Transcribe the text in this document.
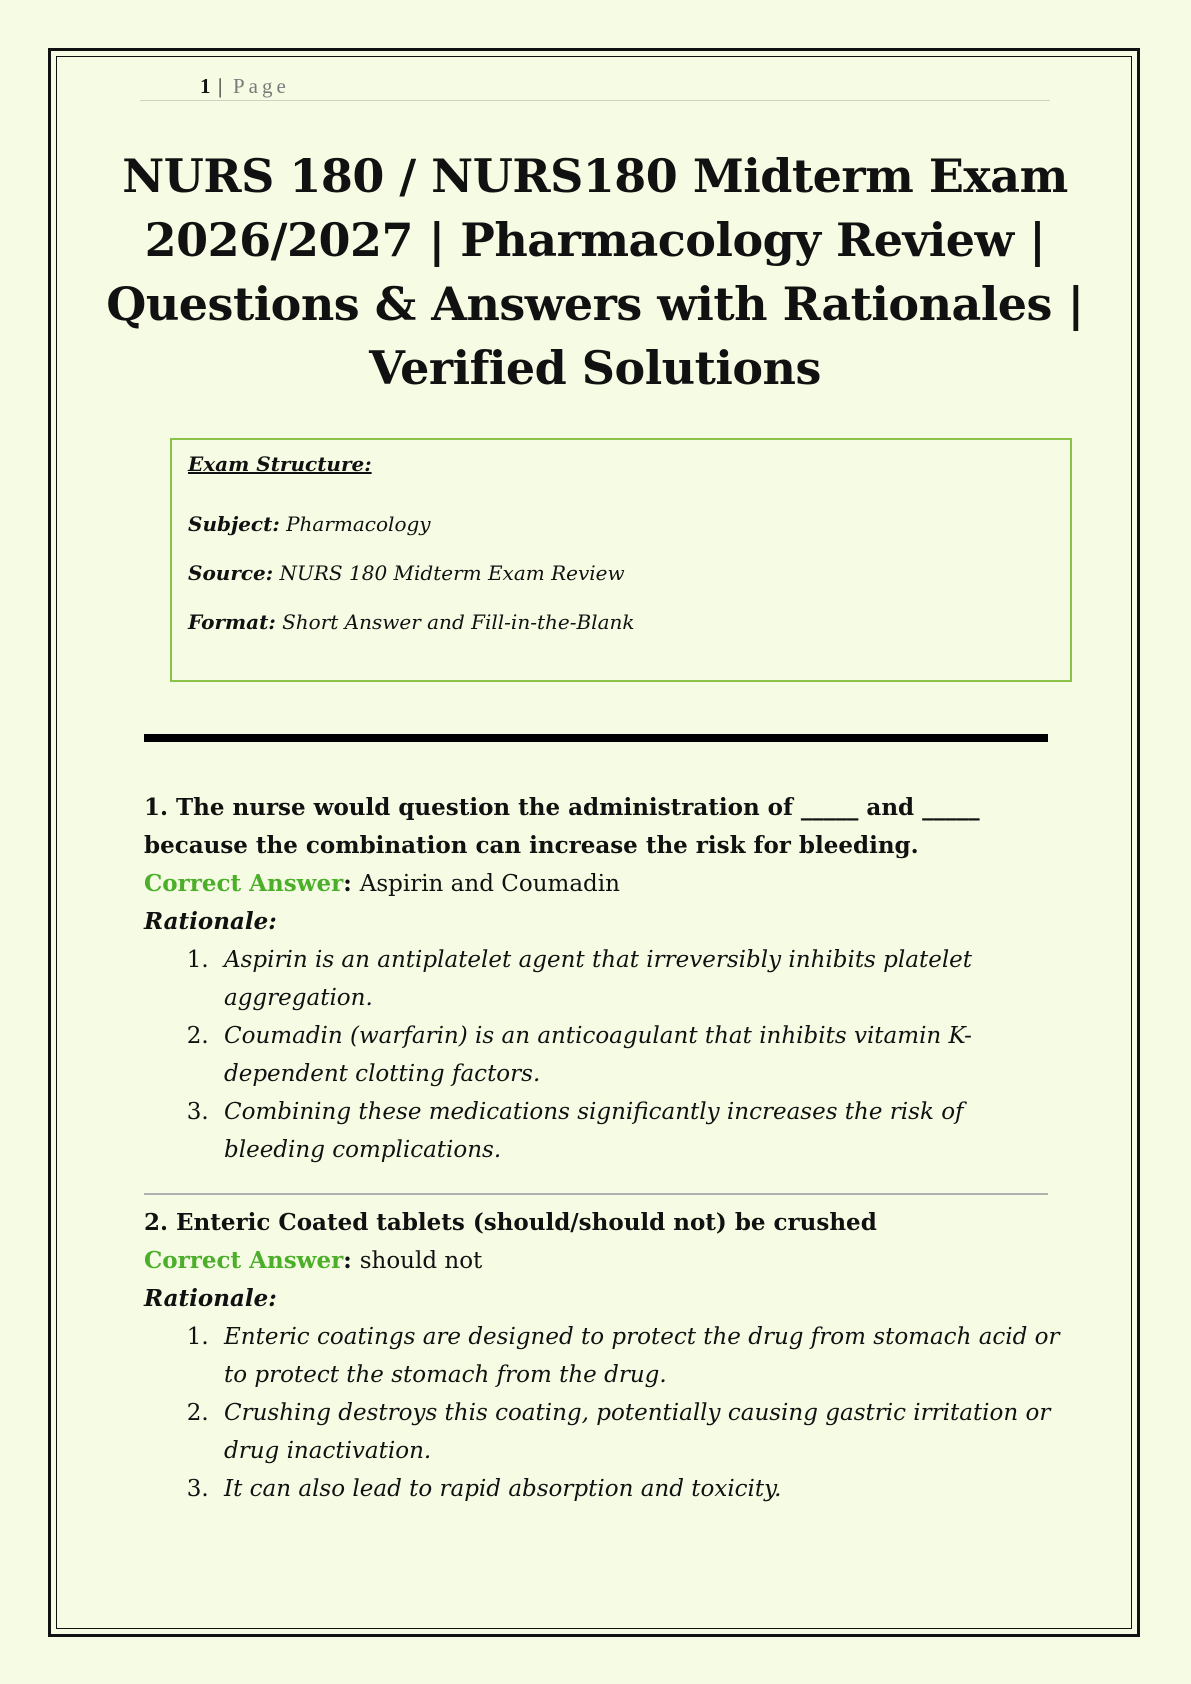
1 | Page
NURS 180 / NURS180 Midterm Exam 2026/2027 | Pharmacology Review | Questions & Answers with Rationales | Verified Solutions
Exam Structure:
Subject: Pharmacology
Source: NURS 180 Midterm Exam Review
Format: Short Answer and Fill-in-the-Blank
1. The nurse would question the administration of _____ and _____ because the combination can increase the risk for bleeding.
Correct Answer: Aspirin and Coumadin
Rationale:
1. Aspirin is an antiplatelet agent that irreversibly inhibits platelet aggregation.
2. Coumadin (warfarin) is an anticoagulant that inhibits vitamin K-dependent clotting factors.
3. Combining these medications significantly increases the risk of bleeding complications.
2. Enteric Coated tablets (should/should not) be crushed
Correct Answer: should not
Rationale:
1. Enteric coatings are designed to protect the drug from stomach acid or to protect the stomach from the drug.
2. Crushing destroys this coating, potentially causing gastric irritation or drug inactivation.
3. It can also lead to rapid absorption and toxicity.
